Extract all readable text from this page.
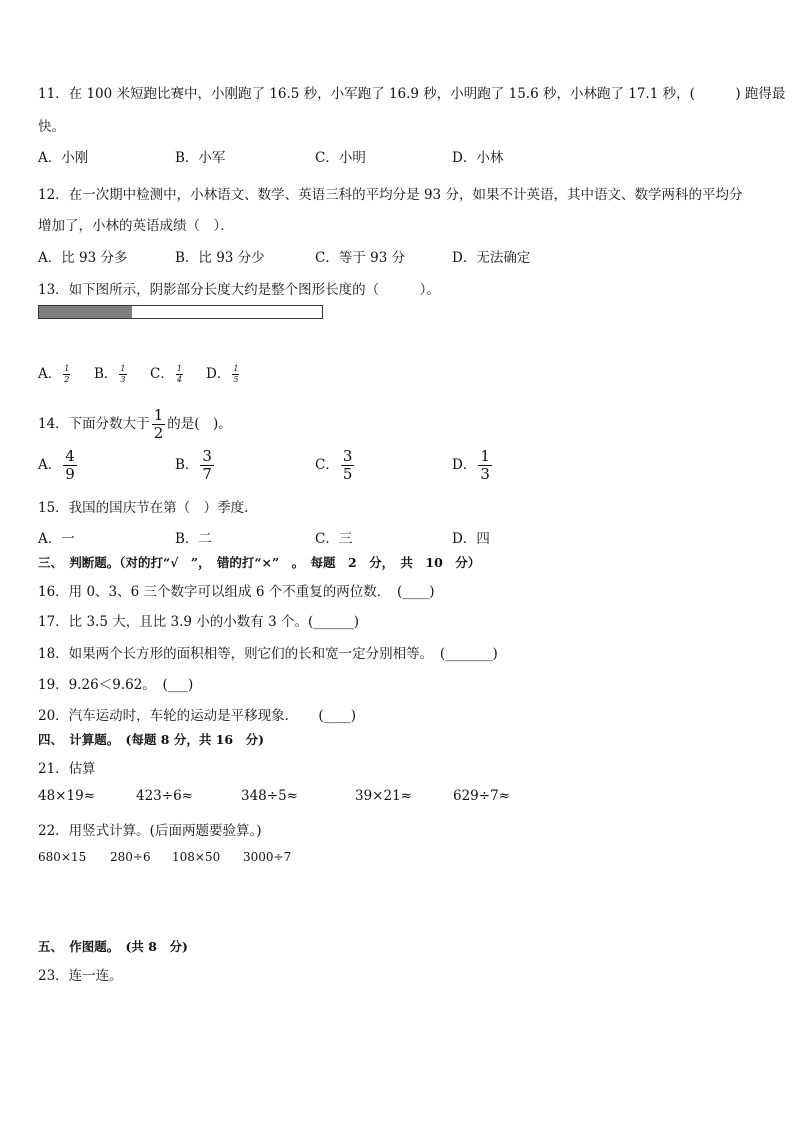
11．在 100 米短跑比赛中，小刚跑了 16.5 秒，小军跑了 16.9 秒，小明跑了 15.6 秒，小林跑了 17.1 秒，(　　　) 跑得最
快。
A．小刚	B．小军	C．小明	D．小林
12．在一次期中检测中，小林语文、数学、英语三科的平均分是 93 分，如果不计英语，其中语文、数学两科的平均分
增加了，小林的英语成绩（　）．
A．比 93 分多	B．比 93 分少	C．等于 93 分	D．无法确定
13．如下图所示，阴影部分长度大约是整个图形长度的（　　　）。
A． $\frac{1}{2}$ B． $\frac{1}{3}$ C． $\frac{1}{4}$ D． $\frac{1}{5}$
14．下面分数大于 $\frac{1}{2}$ 的是(　)。
A． $\frac{4}{9}$	B． $\frac{3}{7}$	C． $\frac{3}{5}$	D． $\frac{1}{3}$
15．我国的国庆节在第（　）季度．
A．一	B．二	C．三	D．四
三、　判断题。（对的打“√　”，　错的打“×”　。　每题　2　分，　共　10　分）
16．用 0、3、6 三个数字可以组成 6 个不重复的两位数．　(____)
17．比 3.5 大，且比 3.9 小的小数有 3 个。(______)
18．如果两个长方形的面积相等，则它们的长和宽一定分别相等。　(_______)
19．9.26＜9.62。　(___)
20．汽车运动时，车轮的运动是平移现象．　　(____)
四、　计算题。　(每题 8 分，共 16　分)
21．估算
48×19≈	423÷6≈	348÷5≈	39×21≈	629÷7≈
22．用竖式计算。(后面两题要验算。)
680×15 280÷6 108×50 3000÷7
五、　作图题。　(共 8　分)
23．连一连。
